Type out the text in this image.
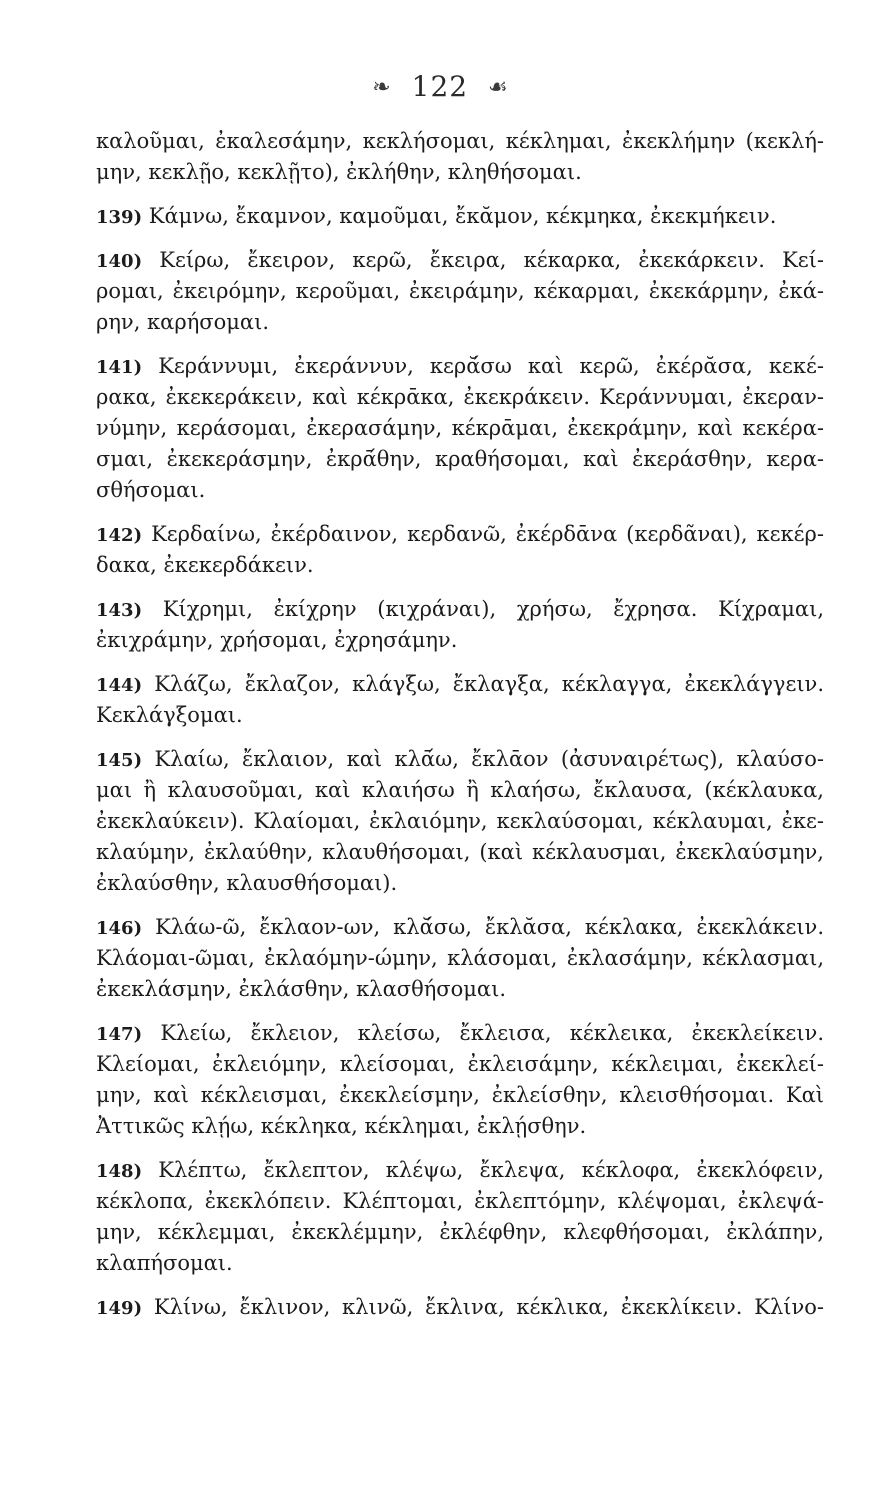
❧ 122 ☙
καλοῦμαι, ἐκαλεσάμην, κεκλήσομαι, κέκλημαι, ἐκεκλήμην (κεκλή-
μην, κεκλῇο, κεκλῇτο), ἐκλήθην, κληθήσομαι.
139) Κάμνω, ἔκαμνον, καμοῦμαι, ἔκᾰμον, κέκμηκα, ἐκεκμήκειν.
140) Κείρω, ἔκειρον, κερῶ, ἔκειρα, κέκαρκα, ἐκεκάρκειν. Κεί-
ρομαι, ἐκειρόμην, κεροῦμαι, ἐκειράμην, κέκαρμαι, ἐκεκάρμην, ἐκά-
ρην, καρήσομαι.
141) Κεράννυμι, ἐκεράννυν, κερᾰ́σω καὶ κερῶ, ἐκέρᾰσα, κεκέ-
ρακα, ἐκεκεράκειν, καὶ κέκρᾱκα, ἐκεκράκειν. Κεράννυμαι, ἐκεραν-
νύμην, κεράσομαι, ἐκερασάμην, κέκρᾱμαι, ἐκεκράμην, καὶ κεκέρα-
σμαι, ἐκεκεράσμην, ἐκρᾱ́θην, κραθήσομαι, καὶ ἐκεράσθην, κερα-
σθήσομαι.
142) Κερδαίνω, ἐκέρδαινον, κερδανῶ, ἐκέρδᾱνα (κερδᾶναι), κεκέρ-
δακα, ἐκεκερδάκειν.
143) Κίχρημι, ἐκίχρην (κιχράναι), χρήσω, ἔχρησα. Κίχραμαι,
ἐκιχράμην, χρήσομαι, ἐχρησάμην.
144) Κλάζω, ἔκλαζον, κλάγξω, ἔκλαγξα, κέκλαγγα, ἐκεκλάγγειν.
Κεκλάγξομαι.
145) Κλαίω, ἔκλαιον, καὶ κλᾱ́ω, ἔκλᾱον (ἀσυναιρέτως), κλαύσο-
μαι ἢ κλαυσοῦμαι, καὶ κλαιήσω ἢ κλαήσω, ἔκλαυσα, (κέκλαυκα,
ἐκεκλαύκειν). Κλαίομαι, ἐκλαιόμην, κεκλαύσομαι, κέκλαυμαι, ἐκε-
κλαύμην, ἐκλαύθην, κλαυθήσομαι, (καὶ κέκλαυσμαι, ἐκεκλαύσμην,
ἐκλαύσθην, κλαυσθήσομαι).
146) Κλάω-ῶ, ἔκλαον-ων, κλᾰ́σω, ἔκλᾰσα, κέκλακα, ἐκεκλάκειν.
Κλάομαι-ῶμαι, ἐκλαόμην-ώμην, κλάσομαι, ἐκλασάμην, κέκλασμαι,
ἐκεκλάσμην, ἐκλάσθην, κλασθήσομαι.
147) Κλείω, ἔκλειον, κλείσω, ἔκλεισα, κέκλεικα, ἐκεκλείκειν.
Κλείομαι, ἐκλειόμην, κλείσομαι, ἐκλεισάμην, κέκλειμαι, ἐκεκλεί-
μην, καὶ κέκλεισμαι, ἐκεκλείσμην, ἐκλείσθην, κλεισθήσομαι. Καὶ
Ἀττικῶς κλῄω, κέκληκα, κέκλημαι, ἐκλῄσθην.
148) Κλέπτω, ἔκλεπτον, κλέψω, ἔκλεψα, κέκλοφα, ἐκεκλόφειν,
κέκλοπα, ἐκεκλόπειν. Κλέπτομαι, ἐκλεπτόμην, κλέψομαι, ἐκλεψά-
μην, κέκλεμμαι, ἐκεκλέμμην, ἐκλέφθην, κλεφθήσομαι, ἐκλάπην,
κλαπήσομαι.
149) Κλίνω, ἔκλινον, κλινῶ, ἔκλινα, κέκλικα, ἐκεκλίκειν. Κλίνο-
